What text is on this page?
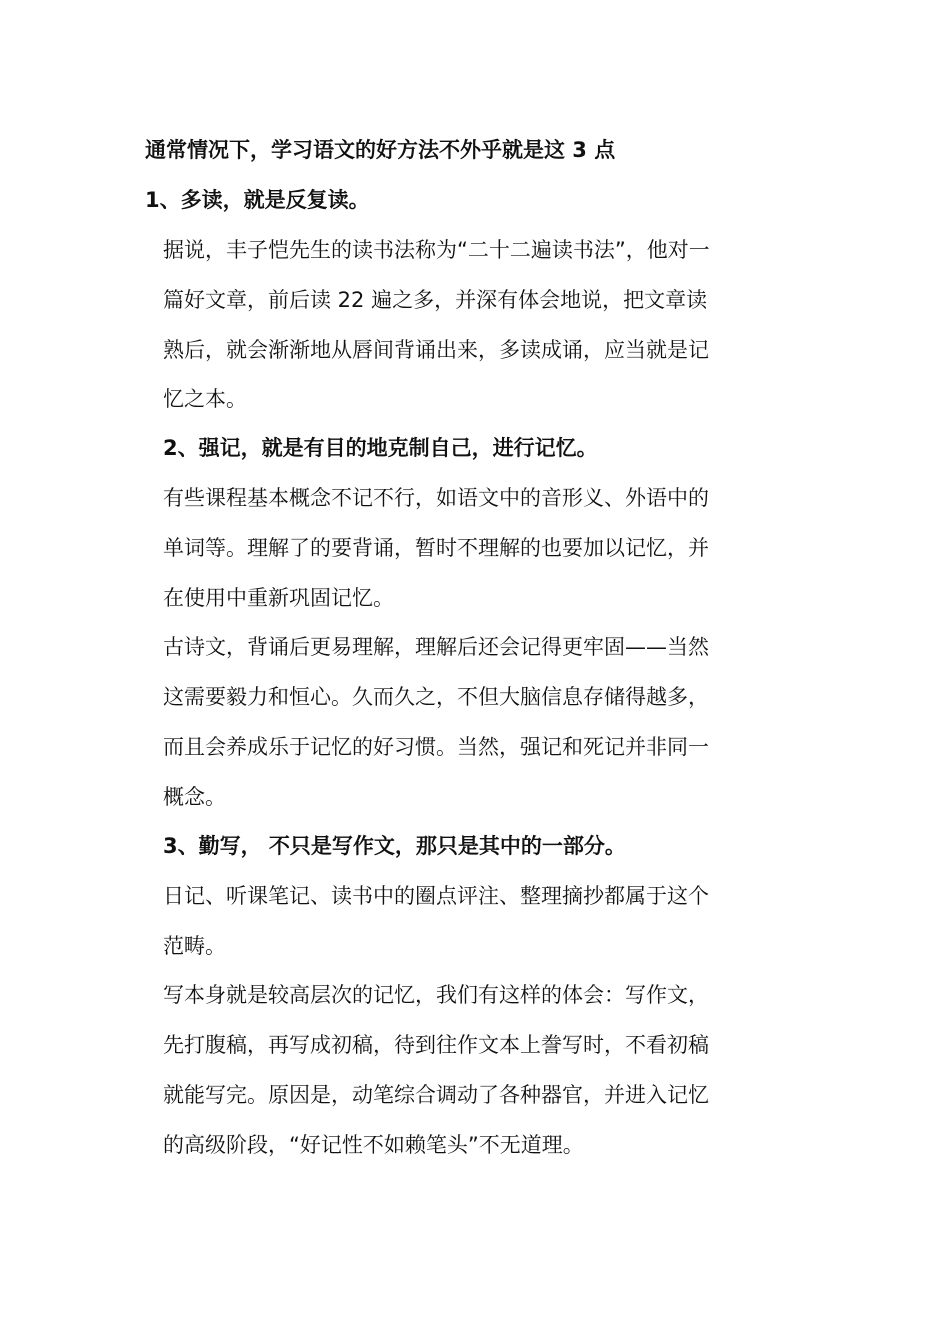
通常情况下，学习语文的好方法不外乎就是这 3 点
1、多读，就是反复读。
据说，丰子恺先生的读书法称为“二十二遍读书法”，他对一
篇好文章，前后读 22 遍之多，并深有体会地说，把文章读
熟后，就会渐渐地从唇间背诵出来，多读成诵，应当就是记
忆之本。
2、强记，就是有目的地克制自己，进行记忆。
有些课程基本概念不记不行，如语文中的音形义、外语中的
单词等。理解了的要背诵，暂时不理解的也要加以记忆，并
在使用中重新巩固记忆。
古诗文，背诵后更易理解，理解后还会记得更牢固——当然
这需要毅力和恒心。久而久之，不但大脑信息存储得越多，
而且会养成乐于记忆的好习惯。当然，强记和死记并非同一
概念。
3、勤写， 不只是写作文，那只是其中的一部分。
日记、听课笔记、读书中的圈点评注、整理摘抄都属于这个
范畴。
写本身就是较高层次的记忆，我们有这样的体会：写作文，
先打腹稿，再写成初稿，待到往作文本上誊写时，不看初稿
就能写完。原因是，动笔综合调动了各种器官，并进入记忆
的高级阶段，“好记性不如赖笔头”不无道理。
